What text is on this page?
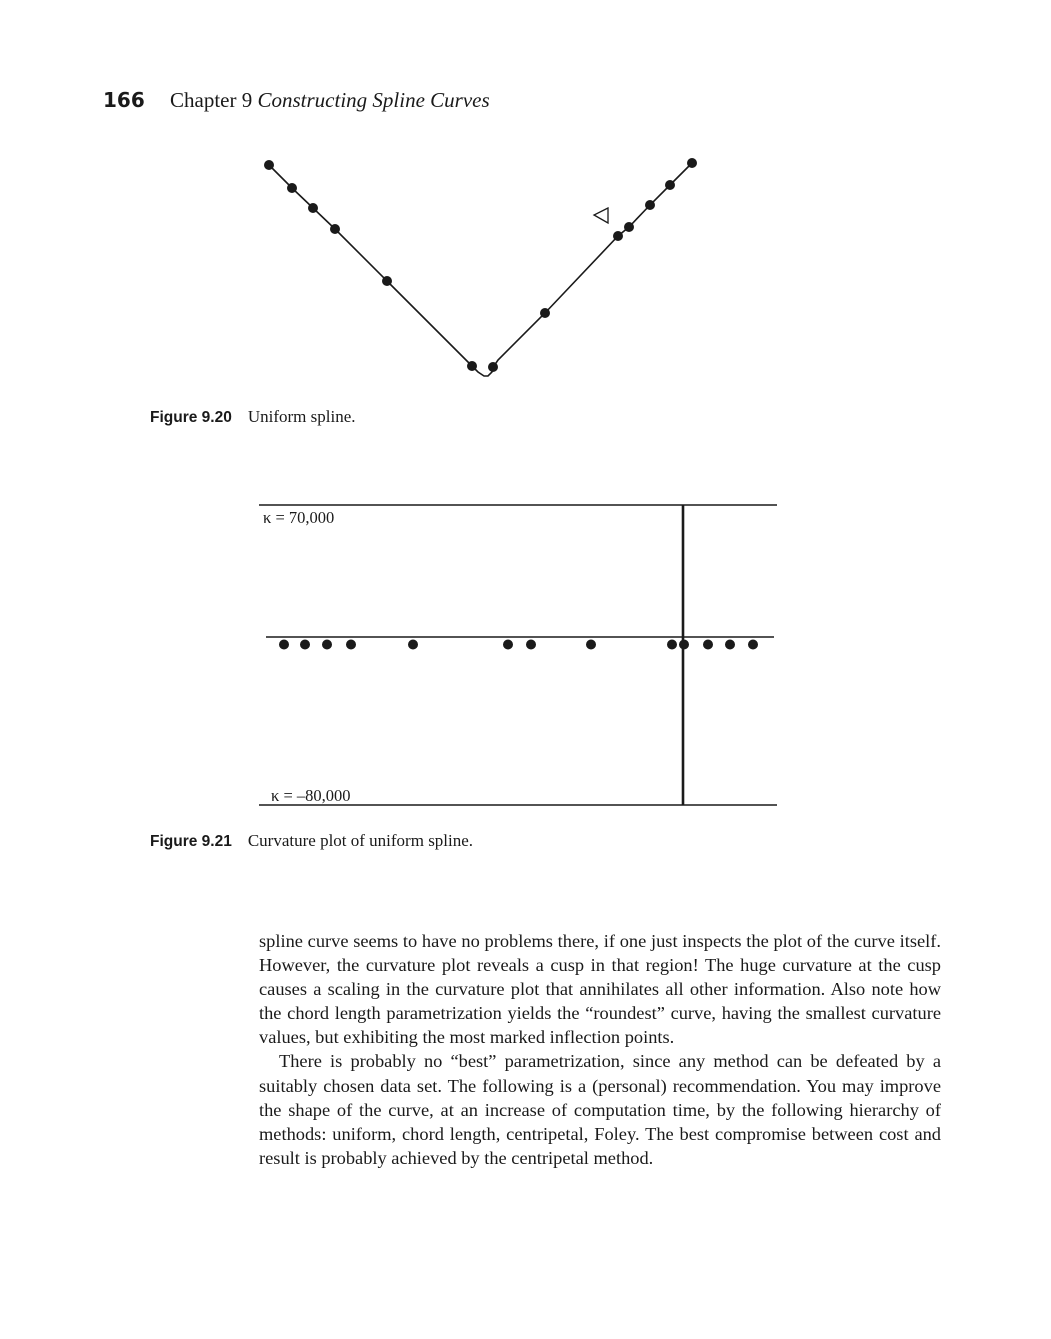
166 Chapter 9 Constructing Spline Curves
Figure 9.20 Uniform spline.
κ = 70,000
κ = –80,000
Figure 9.21 Curvature plot of uniform spline.

spline curve seems to have no problems there, if one just inspects the plot of the curve itself. However, the curvature plot reveals a cusp in that region! The huge curvature at the cusp causes a scaling in the curvature plot that annihilates all other information. Also note how the chord length parametrization yields the “roundest” curve, having the smallest curvature values, but exhibiting the most marked inflection points.

There is probably no “best” parametrization, since any method can be defeated by a suitably chosen data set. The following is a (personal) recommendation. You may improve the shape of the curve, at an increase of computation time, by the following hierarchy of methods: uniform, chord length, centripetal, Foley. The best compromise between cost and result is probably achieved by the centripetal method.
